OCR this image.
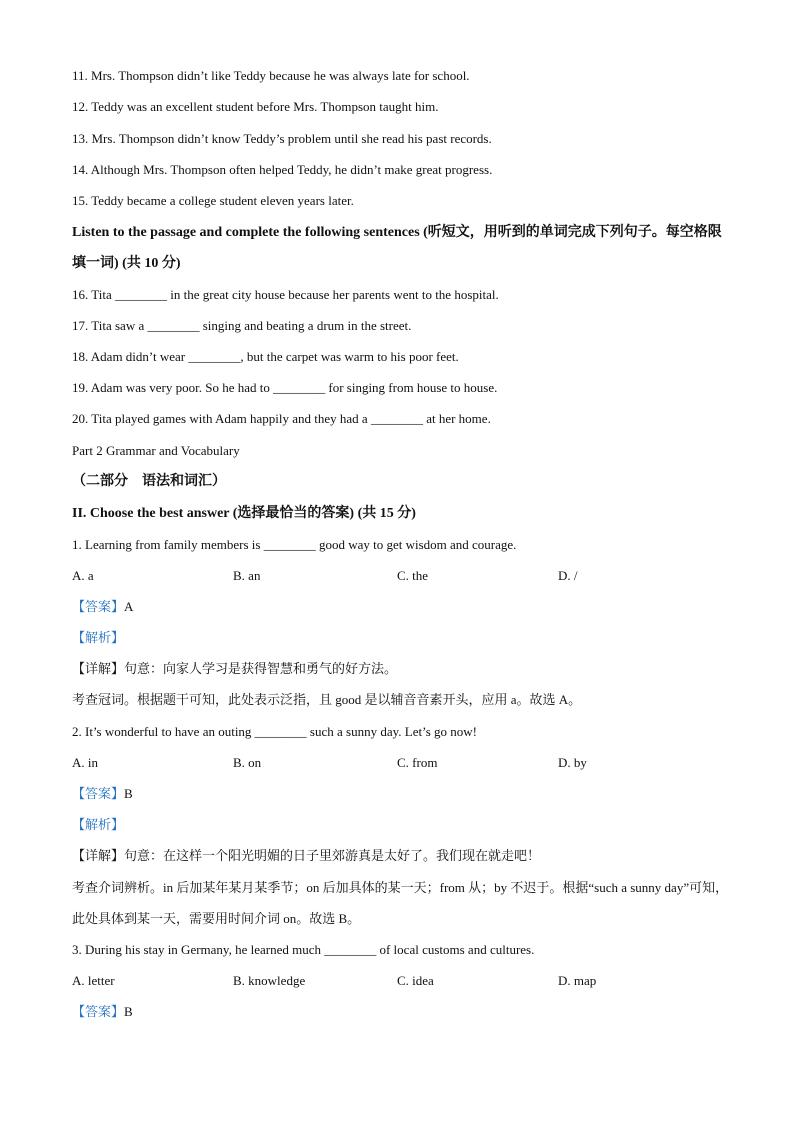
11. Mrs. Thompson didn’t like Teddy because he was always late for school.
12. Teddy was an excellent student before Mrs. Thompson taught him.
13. Mrs. Thompson didn’t know Teddy’s problem until she read his past records.
14. Although Mrs. Thompson often helped Teddy, he didn’t make great progress.
15. Teddy became a college student eleven years later.
Listen to the passage and complete the following sentences (听短文，用听到的单词完成下列句子。每空格限填一词) (共 10 分)
16. Tita ________ in the great city house because her parents went to the hospital.
17. Tita saw a ________ singing and beating a drum in the street.
18. Adam didn’t wear ________, but the carpet was warm to his poor feet.
19. Adam was very poor. So he had to ________ for singing from house to house.
20. Tita played games with Adam happily and they had a ________ at her home.
Part 2 Grammar and Vocabulary
（二部分　语法和词汇）
II. Choose the best answer (选择最恰当的答案) (共 15 分)
1. Learning from family members is ________ good way to get wisdom and courage.
A. a	B. an	C. the	D. /
【答案】A
【解析】
【详解】句意：向家人学习是获得智慧和勇气的好方法。
考查冠词。根据题干可知，此处表示泛指，且 good 是以辅音音素开头，应用 a。故选 A。
2. It’s wonderful to have an outing ________ such a sunny day. Let’s go now!
A. in	B. on	C. from	D. by
【答案】B
【解析】
【详解】句意：在这样一个阳光明媚的日子里郊游真是太好了。我们现在就走吧！
考查介词辨析。in 后加某年某月某季节；on 后加具体的某一天；from 从；by 不迟于。根据“such a sunny day”可知，此处具体到某一天，需要用时间介词 on。故选 B。
3. During his stay in Germany, he learned much ________ of local customs and cultures.
A. letter	B. knowledge	C. idea	D. map
【答案】B
